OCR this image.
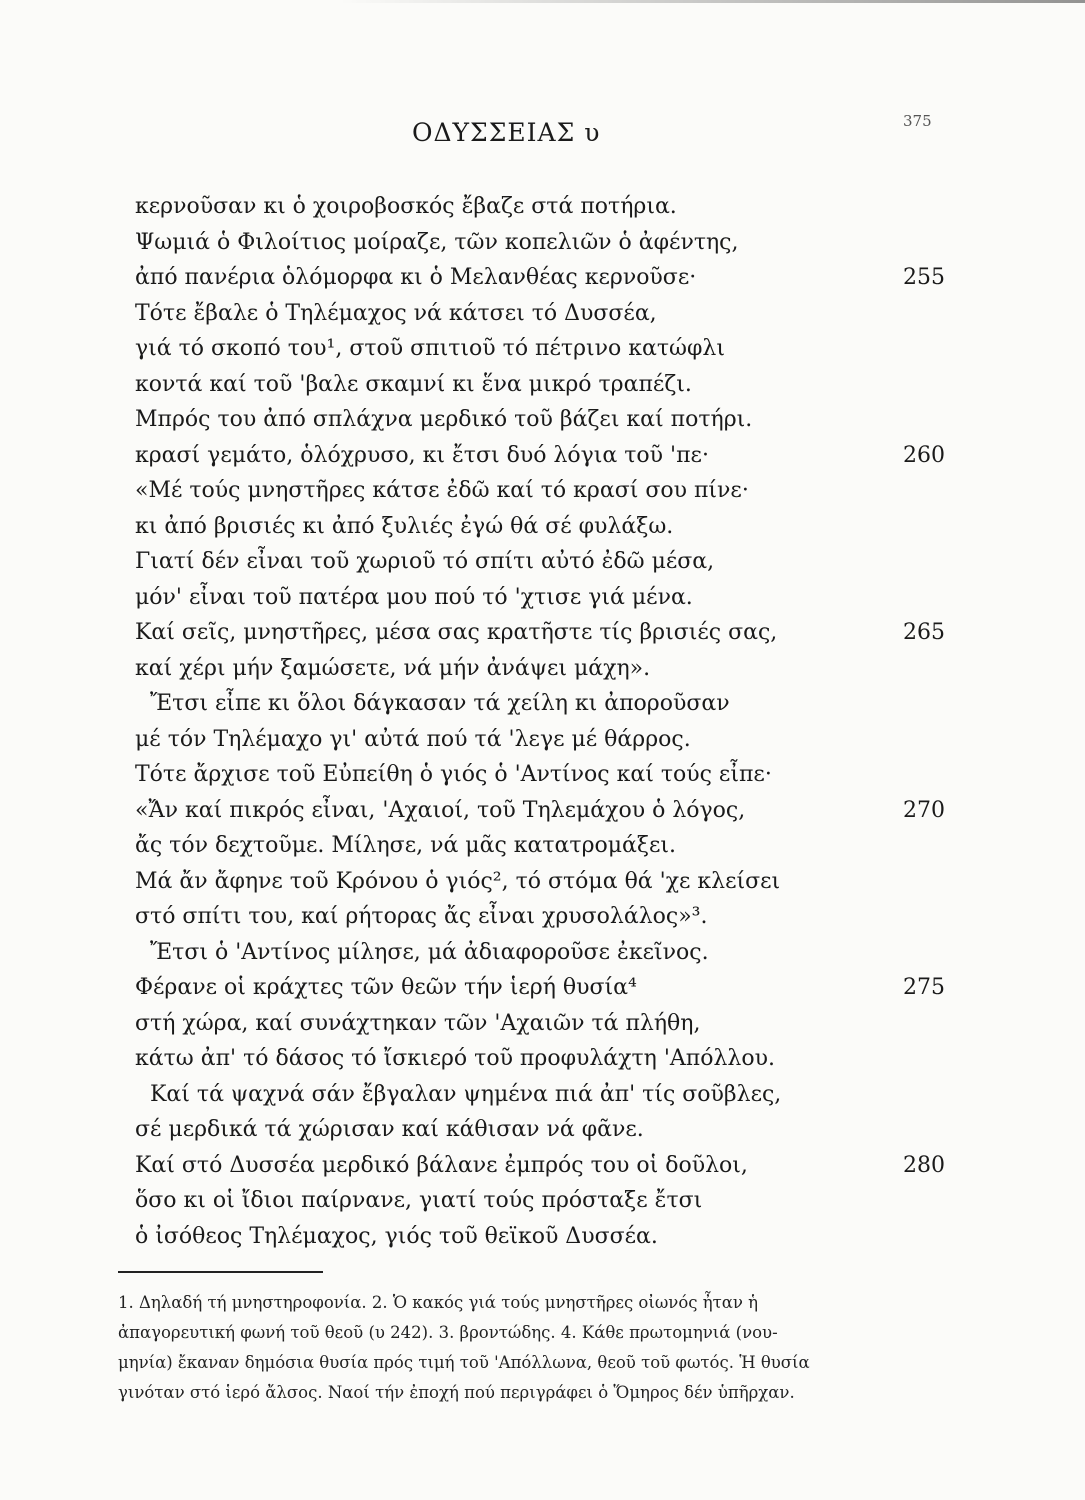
ΟΔΥΣΣΕΙΑΣ υ	375
κερνοῦσαν κι ὁ χοιροβοσκός ἔβαζε στά ποτήρια.
Ψωμιά ὁ Φιλοίτιος μοίραζε, τῶν κοπελιῶν ὁ ἀφέντης,
ἀπό πανέρια ὁλόμορφα κι ὁ Μελανθέας κερνοῦσε·
Τότε ἔβαλε ὁ Τηλέμαχος νά κάτσει τό Δυσσέα,
γιά τό σκοπό του¹, στοῦ σπιτιοῦ τό πέτρινο κατώφλι
κοντά καί τοῦ 'βαλε σκαμνί κι ἕνα μικρό τραπέζι.
Μπρός του ἀπό σπλάχνα μερδικό τοῦ βάζει καί ποτήρι.
κρασί γεμάτο, ὁλόχρυσο, κι ἔτσι δυό λόγια τοῦ 'πε·
«Μέ τούς μνηστῆρες κάτσε ἐδῶ καί τό κρασί σου πίνε·
κι ἀπό βρισιές κι ἀπό ξυλιές ἐγώ θά σέ φυλάξω.
Γιατί δέν εἶναι τοῦ χωριοῦ τό σπίτι αὐτό ἐδῶ μέσα,
μόν' εἶναι τοῦ πατέρα μου πού τό 'χτισε γιά μένα.
Καί σεῖς, μνηστῆρες, μέσα σας κρατῆστε τίς βρισιές σας,
καί χέρι μήν ξαμώσετε, νά μήν ἀνάψει μάχη».
Ἔτσι εἶπε κι ὅλοι δάγκασαν τά χείλη κι ἀποροῦσαν
μέ τόν Τηλέμαχο γι' αὐτά πού τά 'λεγε μέ θάρρος.
Τότε ἄρχισε τοῦ Εὐπείθη ὁ γιός ὁ 'Αντίνος καί τούς εἶπε·
«Ἄν καί πικρός εἶναι, 'Αχαιοί, τοῦ Τηλεμάχου ὁ λόγος,
ἄς τόν δεχτοῦμε. Μίλησε, νά μᾶς κατατρομάξει.
Μά ἄν ἄφηνε τοῦ Κρόνου ὁ γιός², τό στόμα θά 'χε κλείσει
στό σπίτι του, καί ρήτορας ἄς εἶναι χρυσολάλος»³.
Ἔτσι ὁ 'Αντίνος μίλησε, μά ἀδιαφοροῦσε ἐκεῖνος.
Φέρανε οἱ κράχτες τῶν θεῶν τήν ἱερή θυσία⁴
στή χώρα, καί συνάχτηκαν τῶν 'Αχαιῶν τά πλήθη,
κάτω ἀπ' τό δάσος τό ἴσκιερό τοῦ προφυλάχτη 'Απόλλου.
Καί τά ψαχνά σάν ἔβγαλαν ψημένα πιά ἀπ' τίς σοῦβλες,
σέ μερδικά τά χώρισαν καί κάθισαν νά φᾶνε.
Καί στό Δυσσέα μερδικό βάλανε ἐμπρός του οἱ δοῦλοι,
ὅσο κι οἱ ἴδιοι παίρνανε, γιατί τούς πρόσταξε ἔτσι
ὁ ἰσόθεος Τηλέμαχος, γιός τοῦ θεϊκοῦ Δυσσέα.
255
260
265
270
275
1. Δηλαδή τή μνηστηροφονία. 2. Ὁ κακός γιά τούς μνηστῆρες οἰωνός ἦταν ἡ
ἀπαγορευτική φωνή τοῦ θεοῦ (υ 242). 3. βροντώδης. 4. Κάθε πρωτομηνιά (νου-
μηνία) ἔκαναν δημόσια θυσία πρός τιμή τοῦ 'Απόλλωνα, θεοῦ τοῦ φωτός. Ἡ θυσία
γινόταν στό ἱερό ἄλσος. Ναοί τήν ἐποχή πού περιγράφει ὁ Ὅμηρος δέν ὑπῆρχαν.
280
